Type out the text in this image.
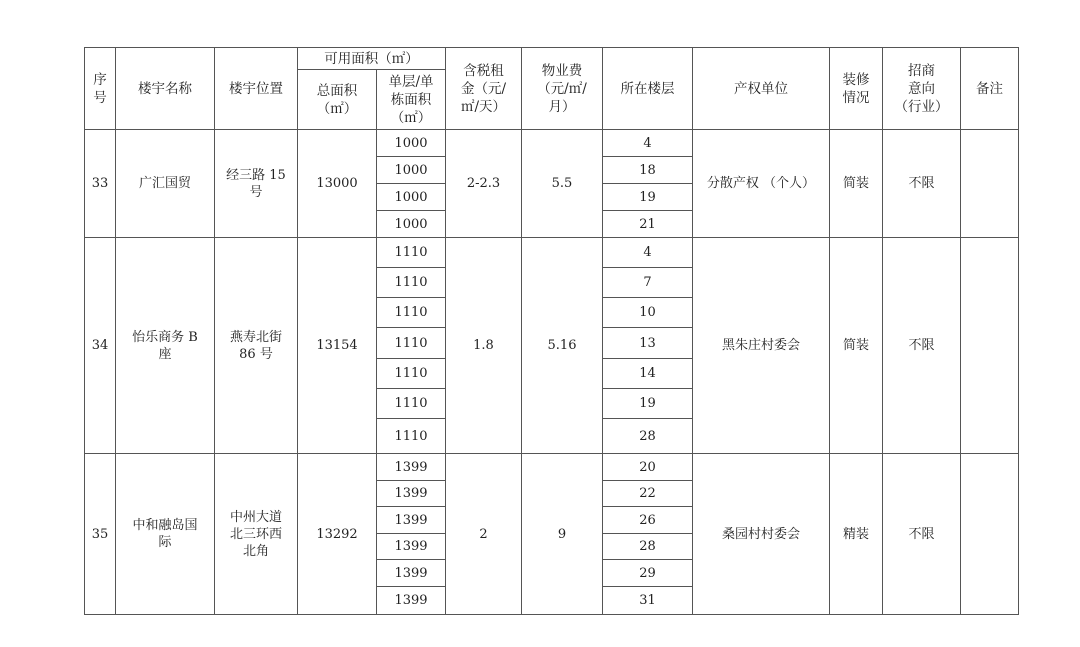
序
号	楼宇名称	楼宇位置	可用面积（㎡）		含税租
金（元/
㎡/天）	物业费
（元/㎡/
月）	所在楼层	产权单位	装修
情况	招商
意向
（行业）	备注
			总面积
（㎡）	单层/单
栋面积
（㎡）							
33	广汇国贸	经三路 15
号	13000	1000	2-2.3	5.5	4	分散产权 （个人）	简装	不限	
				1000			18				
				1000			19				
				1000			21				
34	怡乐商务 B
座	燕寿北街
86 号	13154	1110	1.8	5.16	4	黑朱庄村委会	简装	不限	
				1110			7				
				1110			10				
				1110			13				
				1110			14				
				1110			19				
				1110			28				
35	中和融岛国
际	中州大道
北三环西
北角	13292	1399	2	9	20	桑园村村委会	精装	不限	
				1399			22				
				1399			26				
				1399			28				
				1399			29				
				1399			31				
